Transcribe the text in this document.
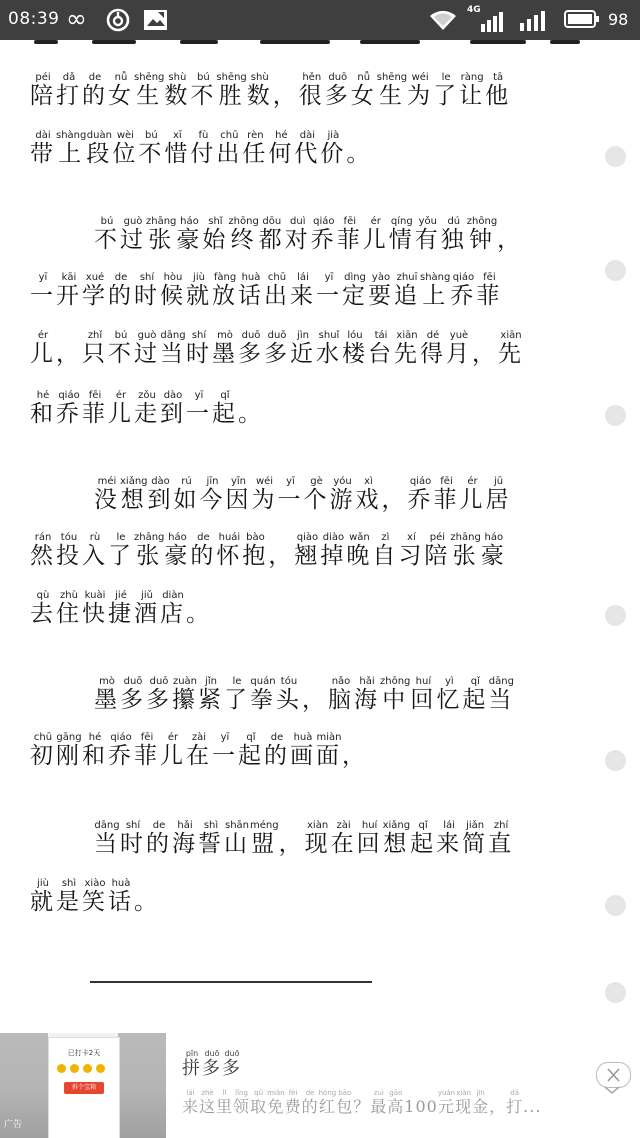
08:39 ∞	4G	98
陪péi打dǎ的de女nǚ生shēng数shù不bú胜shēng数shù，很hěn多duō女nǚ生shēng为wéi了le让ràng他tā
带dài上shàng段duàn位wèi不bú惜xī付fù出chū任rèn何hé代dài价jià。
不bú过guò张zhāng豪háo始shǐ终zhōng都dōu对duì乔qiáo菲fēi儿ér情qíng有yǒu独dú钟zhōng，
一yī开kāi学xué的de时shí候hòu就jiù放fàng话huà出chū来lái一yī定dìng要yào追zhuī上shàng乔qiáo菲fēi
儿ér，只zhǐ不bú过guò当dāng时shí墨mò多duō多duō近jìn水shuǐ楼lóu台tái先xiān得dé月yuè，先xiān
和hé乔qiáo菲fēi儿ér走zǒu到dào一yī起qǐ。
没méi想xiǎng到dào如rú今jīn因yīn为wéi一yī个gè游yóu戏xì，乔qiáo菲fēi儿ér居jū
然rán投tóu入rù了le张zhāng豪háo的de怀huái抱bào，翘qiào掉diào晚wǎn自zì习xí陪péi张zhāng豪háo
去qù住zhù快kuài捷jié酒jiǔ店diàn。
墨mò多duō多duō攥zuàn紧jǐn了le拳quán头tóu，脑nǎo海hǎi中zhōng回huí忆yì起qǐ当dāng
初chū刚gāng和hé乔qiáo菲fēi儿ér在zài一yī起qǐ的de画huà面miàn，
当dāng时shí的de海hǎi誓shì山shān盟méng，现xiàn在zài回huí想xiǎng起qǐ来lái简jiǎn直zhí
就jiù是shì笑xiào话huà。
已打卡2天
拆个宝箱
广告
拼pīn多duō多duō
来lái这zhè里lǐ领lǐng取qǔ免miǎn费fèi的de红hóng包bāo？最zuì高gāo100元yuán现xiàn金jīn，打dǎ...
